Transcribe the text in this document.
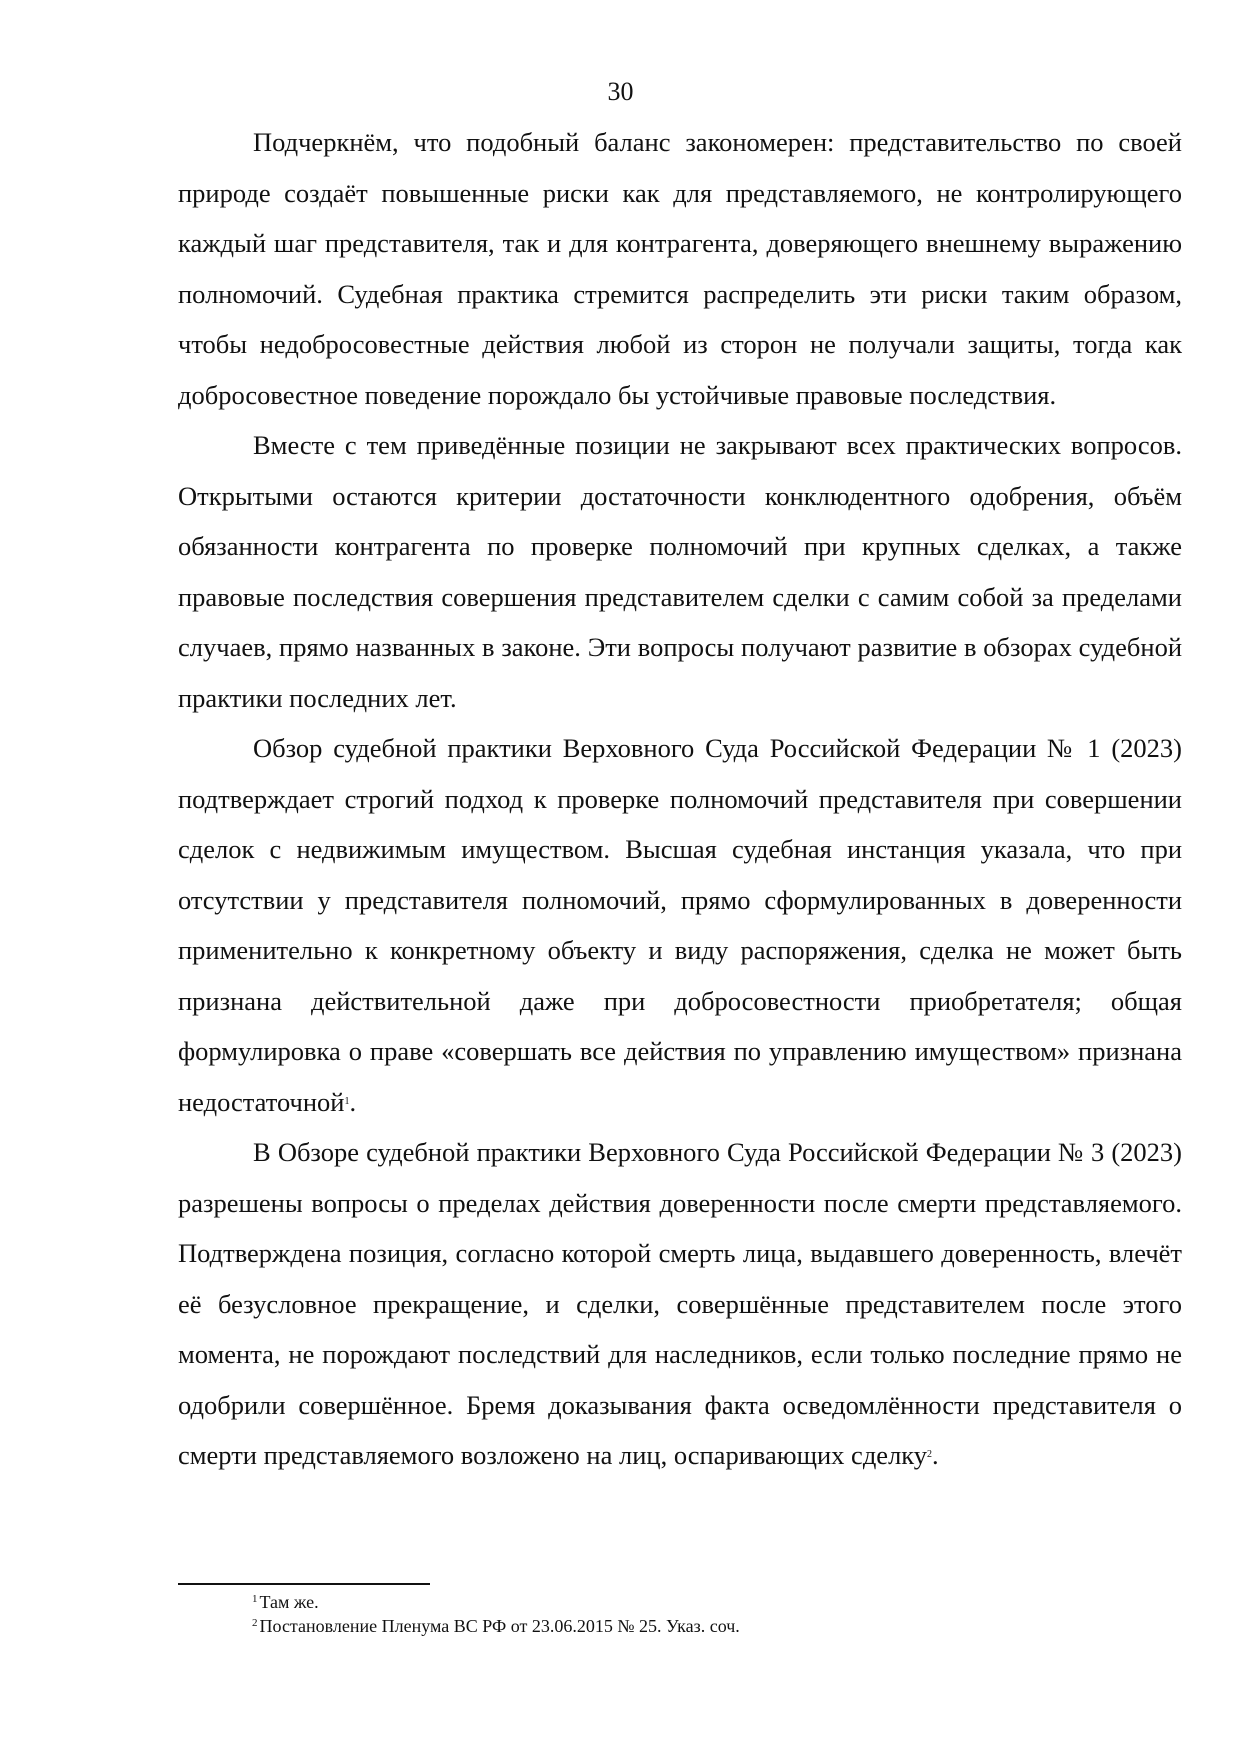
30

Подчеркнём, что подобный баланс закономерен: представительство по своей природе создаёт повышенные риски как для представляемого, не контролирующего каждый шаг представителя, так и для контрагента, доверяющего внешнему выражению полномочий. Судебная практика стремится распределить эти риски таким образом, чтобы недобросовестные действия любой из сторон не получали защиты, тогда как добросовестное поведение порождало бы устойчивые правовые последствия.

Вместе с тем приведённые позиции не закрывают всех практических вопросов. Открытыми остаются критерии достаточности конклюдентного одобрения, объём обязанности контрагента по проверке полномочий при крупных сделках, а также правовые последствия совершения представителем сделки с самим собой за пределами случаев, прямо названных в законе. Эти вопросы получают развитие в обзорах судебной практики последних лет.

Обзор судебной практики Верховного Суда Российской Федерации № 1 (2023) подтверждает строгий подход к проверке полномочий представителя при совершении сделок с недвижимым имуществом. Высшая судебная инстанция указала, что при отсутствии у представителя полномочий, прямо сформулированных в доверенности применительно к конкретному объекту и виду распоряжения, сделка не может быть признана действительной даже при добросовестности приобретателя; общая формулировка о праве «совершать все действия по управлению имуществом» признана недостаточной$^1$.

В Обзоре судебной практики Верховного Суда Российской Федерации № 3 (2023) разрешены вопросы о пределах действия доверенности после смерти представляемого. Подтверждена позиция, согласно которой смерть лица, выдавшего доверенность, влечёт её безусловное прекращение, и сделки, совершённые представителем после этого момента, не порождают последствий для наследников, если только последние прямо не одобрили совершённое. Бремя доказывания факта осведомлённости представителя о смерти представляемого возложено на лиц, оспаривающих сделку$^2$.

$^1$ Там же.

$^2$ Постановление Пленума ВС РФ от 23.06.2015 № 25. Указ. соч.
